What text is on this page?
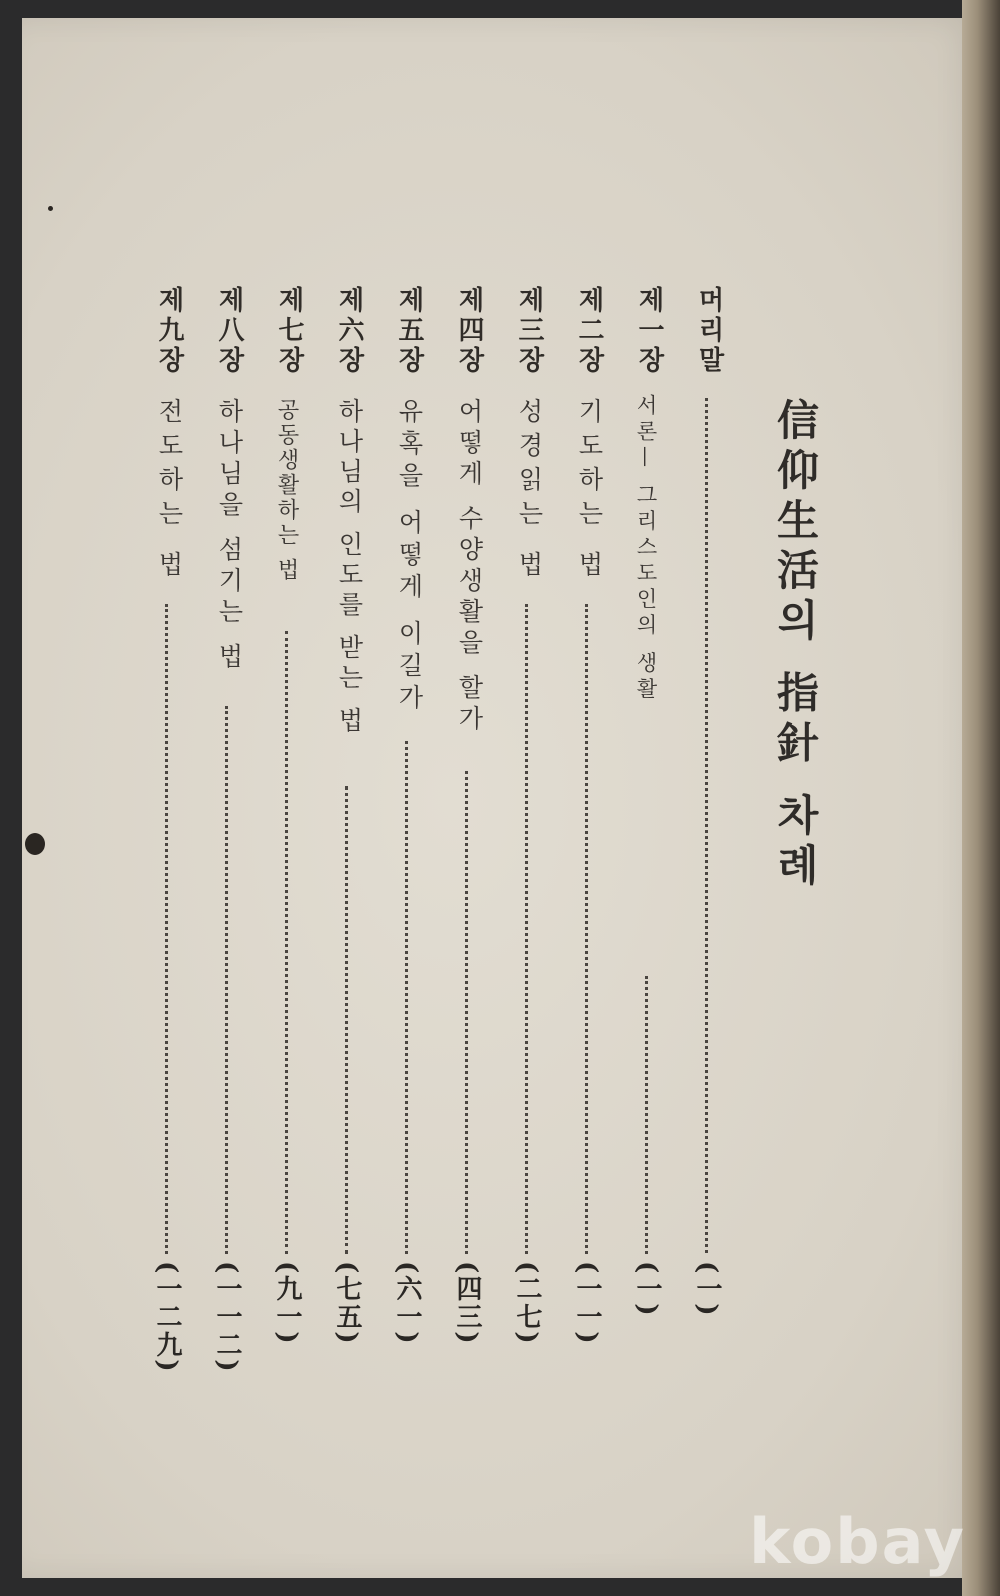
信仰生活의 指針 차례
머리말
(一)
제一장
서론— 그리스도인의 생활
(一)
제二장
기도하는 법
(一一)
제三장
성경읽는 법
(二七)
제四장
어떻게 수양생활을 할가
(四三)
제五장
유혹을 어떻게 이길가
(六一)
제六장
하나님의 인도를 받는 법
(七五)
제七장
공동생활하는 법
(九一)
제八장
하나님을 섬기는 법
(一一二)
제九장
전도하는 법
(一二九)
kobay
